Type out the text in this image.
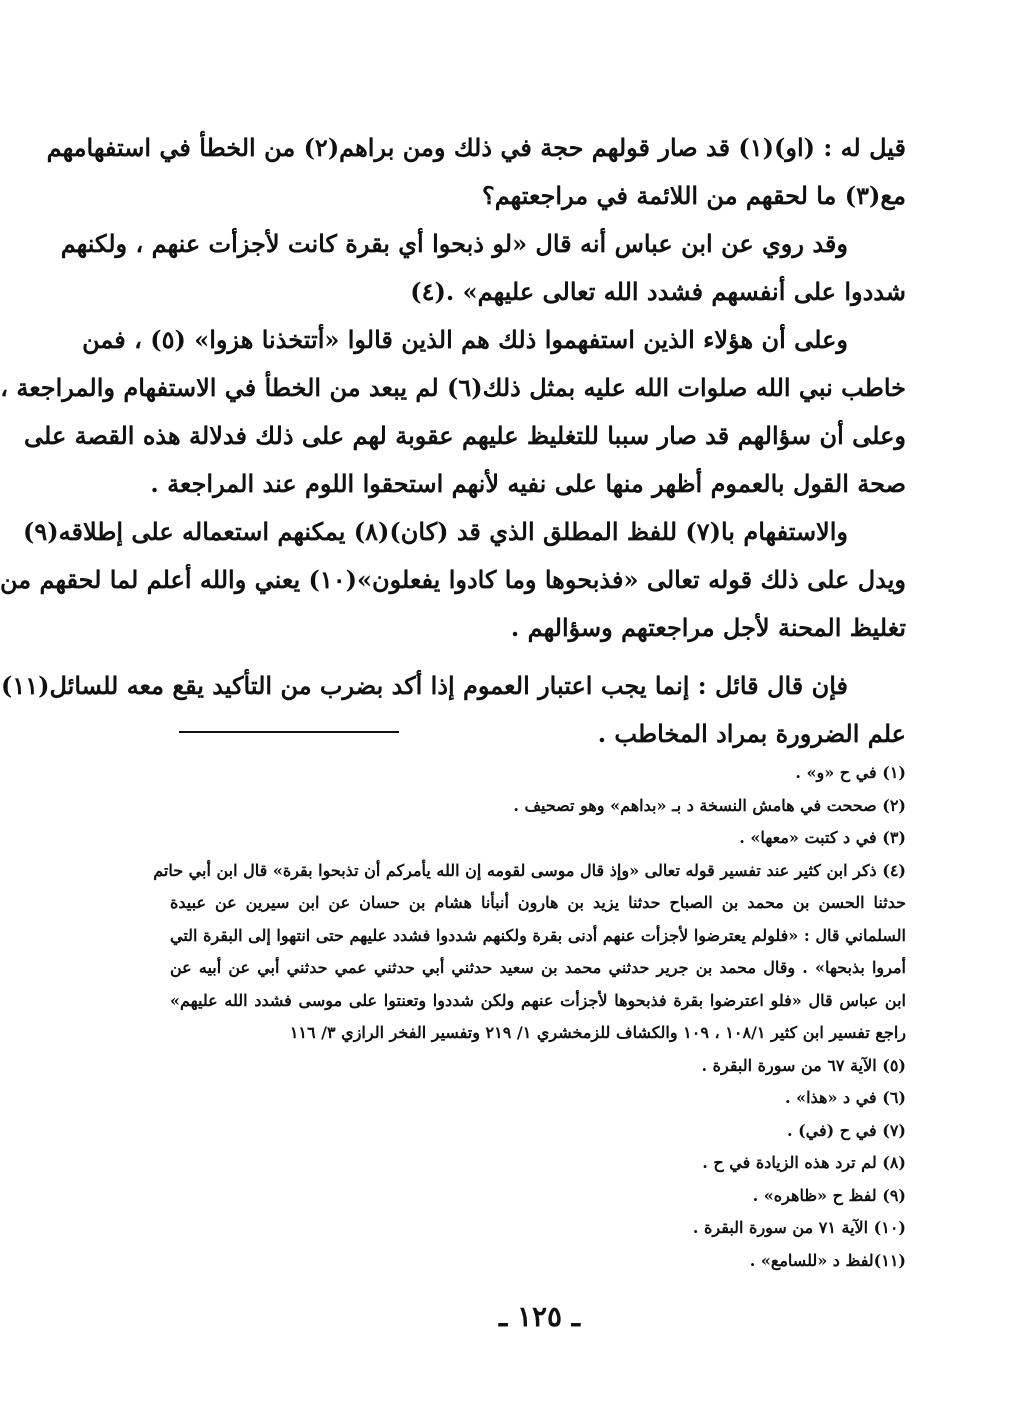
قيل له : (او)(١) قد صار قولهم حجة في ذلك ومن براهم(٢) من الخطأ في استفهامهم
مع(٣) ما لحقهم من اللائمة في مراجعتهم؟
وقد روي عن ابن عباس أنه قال «لو ذبحوا أي بقرة كانت لأجزأت عنهم ، ولكنهم
شددوا على أنفسهم فشدد الله تعالى عليهم» .(٤)
وعلى أن هؤلاء الذين استفهموا ذلك هم الذين قالوا «أتتخذنا هزوا» (٥) ، فمن
خاطب نبي الله صلوات الله عليه بمثل ذلك(٦) لم يبعد من الخطأ في الاستفهام والمراجعة ،
وعلى أن سؤالهم قد صار سببا للتغليظ عليهم عقوبة لهم على ذلك فدلالة هذه القصة على
صحة القول بالعموم أظهر منها على نفيه لأنهم استحقوا اللوم عند المراجعة .
والاستفهام با(٧) للفظ المطلق الذي قد (كان)(٨) يمكنهم استعماله على إطلاقه(٩)
ويدل على ذلك قوله تعالى «فذبحوها وما كادوا يفعلون»(١٠) يعني والله أعلم لما لحقهم من
تغليظ المحنة لأجل مراجعتهم وسؤالهم .
فإن قال قائل : إنما يجب اعتبار العموم إذا أكد بضرب من التأكيد يقع معه للسائل(١١)
علم الضرورة بمراد المخاطب .
(١) في ح «و» .
(٢) صححت في هامش النسخة د بـ «بداهم» وهو تصحيف .
(٣) في د كتبت «معها» .
(٤) ذكر ابن كثير عند تفسير قوله تعالى «وإذ قال موسى لقومه إن الله يأمركم أن تذبحوا بقرة» قال ابن أبي حاتم
حدثنا الحسن بن محمد بن الصباح حدثنا يزيد بن هارون أنبأنا هشام بن حسان عن ابن سيرين عن عبيدة
السلماني قال : «فلولم يعترضوا لأجزأت عنهم أدنى بقرة ولكنهم شددوا فشدد عليهم حتى انتهوا إلى البقرة التي
أمروا بذبحها» . وقال محمد بن جرير حدثني محمد بن سعيد حدثني أبي حدثني عمي حدثني أبي عن أبيه عن
ابن عباس قال «فلو اعترضوا بقرة فذبحوها لأجزأت عنهم ولكن شددوا وتعنتوا على موسى فشدد الله عليهم»
راجع تفسير ابن كثير ١٠٨/١ ، ١٠٩ والكشاف للزمخشري ١/ ٢١٩ وتفسير الفخر الرازي ٣/ ١١٦
(٥) الآية ٦٧ من سورة البقرة .
(٦) في د «هذا» .
(٧) في ح (في) .
(٨) لم ترد هذه الزيادة في ح .
(٩) لفظ ح «ظاهره» .
(١٠) الآية ٧١ من سورة البقرة .
(١١)لفظ د «للسامع» .
ـ ١٢٥ ـ
